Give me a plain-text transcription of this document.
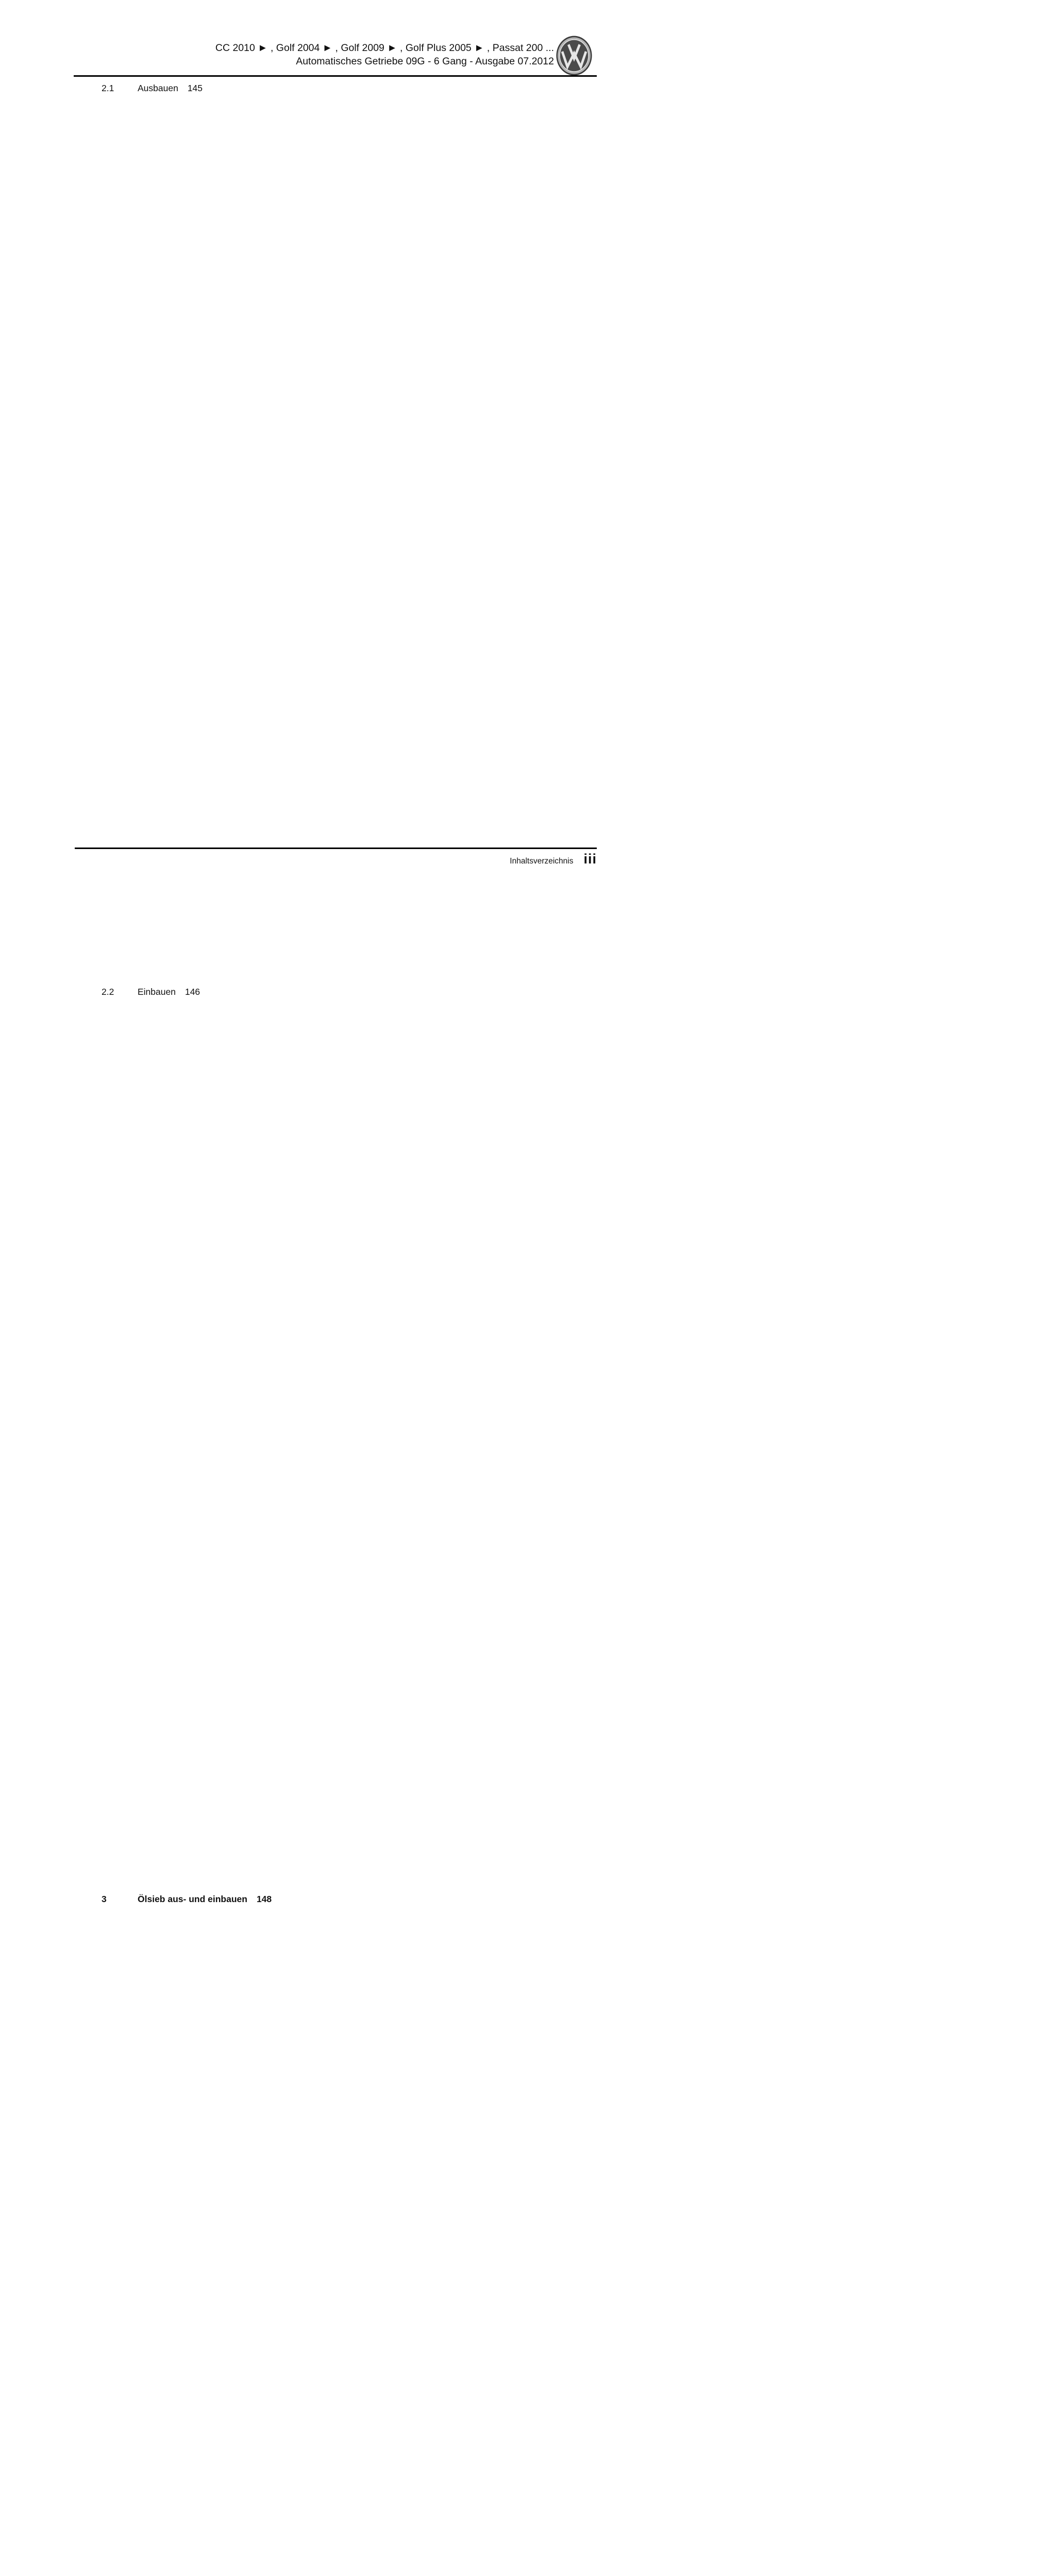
CC 2010 ► , Golf 2004 ► , Golf 2009 ► , Golf Plus 2005 ► , Passat 200 ...
Automatisches Getriebe 09G - 6 Gang - Ausgabe 07.2012
2.1	Ausbauen 145
2.2	Einbauen 146
3	Ölsieb aus- und einbauen 148
Inhaltsverzeichnis iii
